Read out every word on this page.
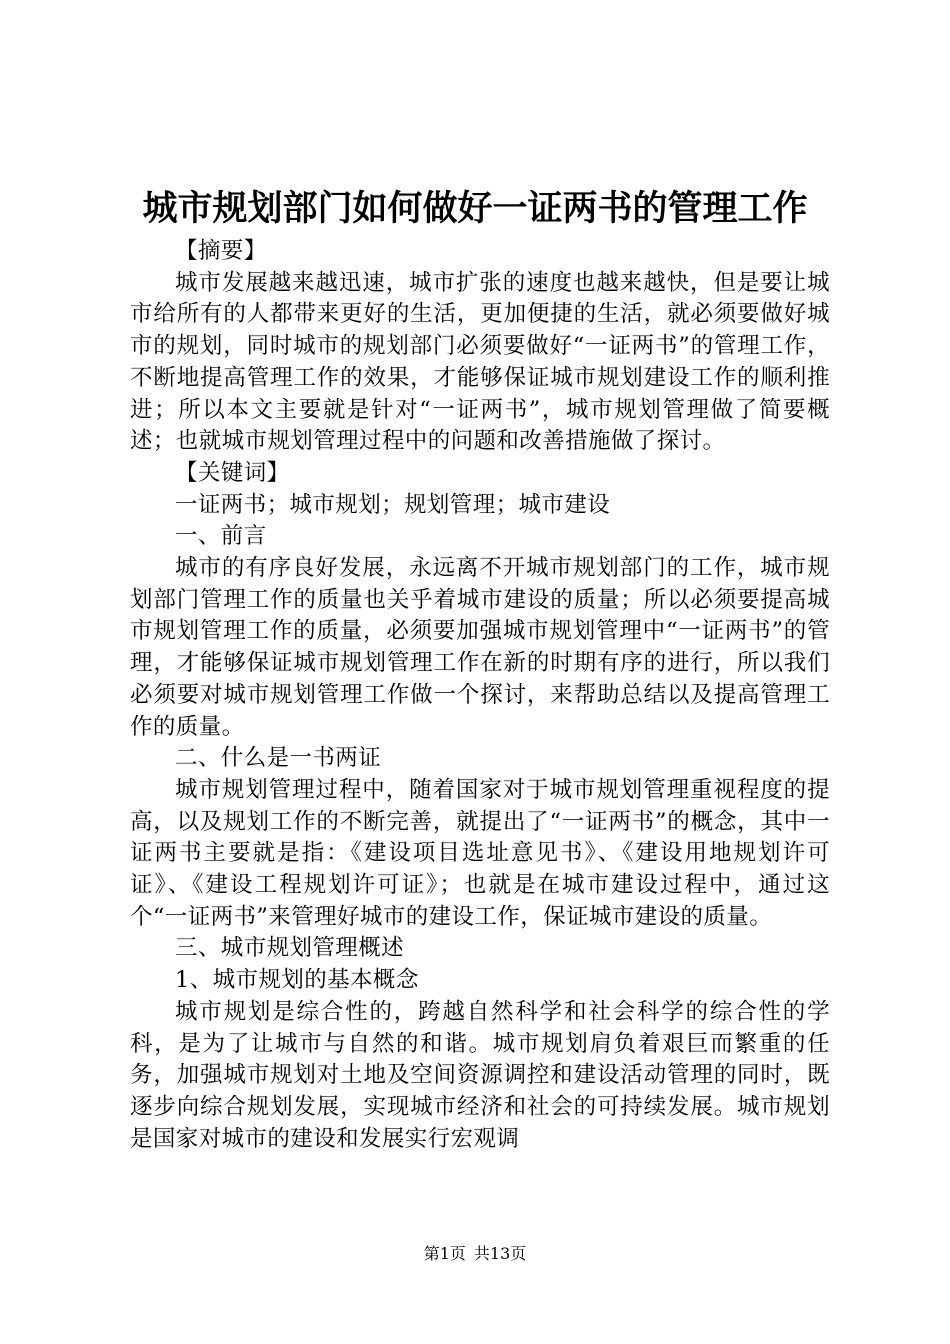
城市规划部门如何做好一证两书的管理工作

【摘要】

城市发展越来越迅速，城市扩张的速度也越来越快，但是要让城市给所有的人都带来更好的生活，更加便捷的生活，就必须要做好城市的规划，同时城市的规划部门必须要做好“一证两书”的管理工作，不断地提高管理工作的效果，才能够保证城市规划建设工作的顺利推进；所以本文主要就是针对“一证两书”，城市规划管理做了简要概述；也就城市规划管理过程中的问题和改善措施做了探讨。

【关键词】

一证两书；城市规划；规划管理；城市建设

一、前言

城市的有序良好发展，永远离不开城市规划部门的工作，城市规划部门管理工作的质量也关乎着城市建设的质量；所以必须要提高城市规划管理工作的质量，必须要加强城市规划管理中“一证两书”的管理，才能够保证城市规划管理工作在新的时期有序的进行，所以我们必须要对城市规划管理工作做一个探讨，来帮助总结以及提高管理工作的质量。

二、什么是一书两证

城市规划管理过程中，随着国家对于城市规划管理重视程度的提高，以及规划工作的不断完善，就提出了“一证两书”的概念，其中一证两书主要就是指：《建设项目选址意见书》、《建设用地规划许可证》、《建设工程规划许可证》；也就是在城市建设过程中，通过这个“一证两书”来管理好城市的建设工作，保证城市建设的质量。

三、城市规划管理概述

1、城市规划的基本概念

城市规划是综合性的，跨越自然科学和社会科学的综合性的学科，是为了让城市与自然的和谐。城市规划肩负着艰巨而繁重的任务，加强城市规划对土地及空间资源调控和建设活动管理的同时，既逐步向综合规划发展，实现城市经济和社会的可持续发展。城市规划是国家对城市的建设和发展实行宏观调

第1页 共13页
